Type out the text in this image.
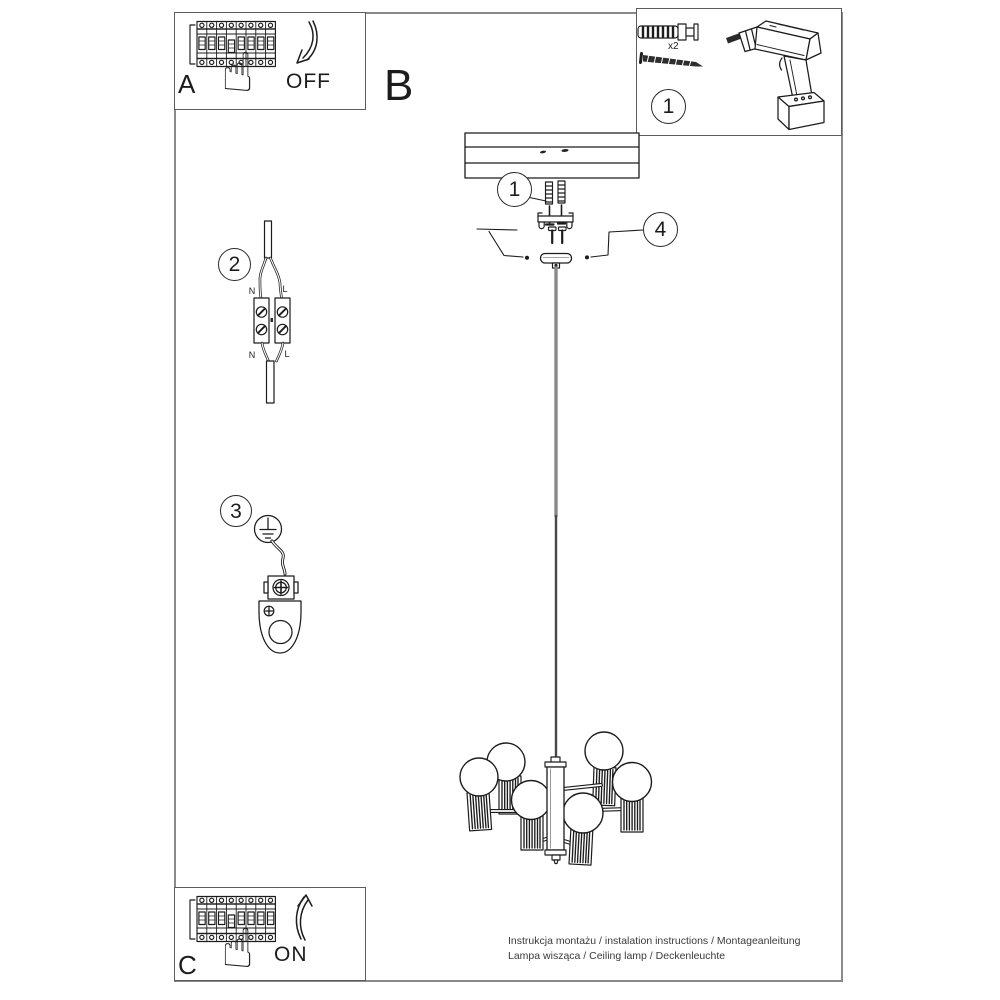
A	OFF B
C	ON
x2
☝
☝
1
1
2
3
4
N	L
N	L
Instrukcja montażu / instalation instructions / Montageanleitung
Lampa wisząca / Ceiling lamp / Deckenleuchte
